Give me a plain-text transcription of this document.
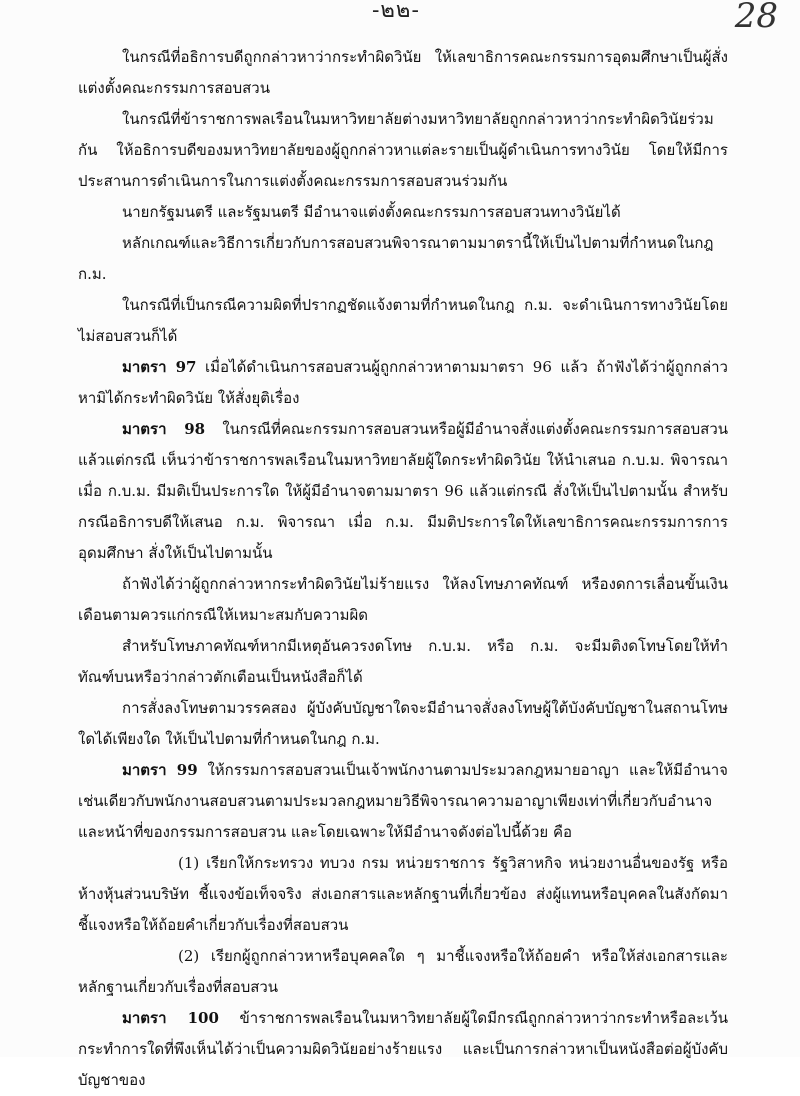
-๒๒-	28

ในกรณีที่อธิการบดีถูกกล่าวหาว่ากระทำผิดวินัย ให้เลขาธิการคณะกรรมการอุดมศึกษาเป็นผู้สั่งแต่งตั้งคณะกรรมการสอบสวน

ในกรณีที่ข้าราชการพลเรือนในมหาวิทยาลัยต่างมหาวิทยาลัยถูกกล่าวหาว่ากระทำผิดวินัยร่วมกัน ให้อธิการบดีของมหาวิทยาลัยของผู้ถูกกล่าวหาแต่ละรายเป็นผู้ดำเนินการทางวินัย โดยให้มีการประสานการดำเนินการในการแต่งตั้งคณะกรรมการสอบสวนร่วมกัน

นายกรัฐมนตรี และรัฐมนตรี มีอำนาจแต่งตั้งคณะกรรมการสอบสวนทางวินัยได้

หลักเกณฑ์และวิธีการเกี่ยวกับการสอบสวนพิจารณาตามมาตรานี้ให้เป็นไปตามที่กำหนดในกฎ ก.ม.

ในกรณีที่เป็นกรณีความผิดที่ปรากฏชัดแจ้งตามที่กำหนดในกฎ ก.ม. จะดำเนินการทางวินัยโดยไม่สอบสวนก็ได้

มาตรา 97 เมื่อได้ดำเนินการสอบสวนผู้ถูกกล่าวหาตามมาตรา 96 แล้ว ถ้าฟังได้ว่าผู้ถูกกล่าวหามิได้กระทำผิดวินัย ให้สั่งยุติเรื่อง

มาตรา 98 ในกรณีที่คณะกรรมการสอบสวนหรือผู้มีอำนาจสั่งแต่งตั้งคณะกรรมการสอบสวนแล้วแต่กรณี เห็นว่าข้าราชการพลเรือนในมหาวิทยาลัยผู้ใดกระทำผิดวินัย ให้นำเสนอ ก.บ.ม. พิจารณา เมื่อ ก.บ.ม. มีมติเป็นประการใด ให้ผู้มีอำนาจตามมาตรา 96 แล้วแต่กรณี สั่งให้เป็นไปตามนั้น สำหรับกรณีอธิการบดีให้เสนอ ก.ม. พิจารณา เมื่อ ก.ม. มีมติประการใดให้เลขาธิการคณะกรรมการการอุดมศึกษา สั่งให้เป็นไปตามนั้น

ถ้าฟังได้ว่าผู้ถูกกล่าวหากระทำผิดวินัยไม่ร้ายแรง ให้ลงโทษภาคทัณฑ์ หรืองดการเลื่อนขั้นเงินเดือนตามควรแก่กรณีให้เหมาะสมกับความผิด

สำหรับโทษภาคทัณฑ์หากมีเหตุอันควรงดโทษ ก.บ.ม. หรือ ก.ม. จะมีมติงดโทษโดยให้ทำทัณฑ์บนหรือว่ากล่าวตักเตือนเป็นหนังสือก็ได้

การสั่งลงโทษตามวรรคสอง ผู้บังคับบัญชาใดจะมีอำนาจสั่งลงโทษผู้ใต้บังคับบัญชาในสถานโทษใดได้เพียงใด ให้เป็นไปตามที่กำหนดในกฎ ก.ม.

มาตรา 99 ให้กรรมการสอบสวนเป็นเจ้าพนักงานตามประมวลกฎหมายอาญา และให้มีอำนาจเช่นเดียวกับพนักงานสอบสวนตามประมวลกฎหมายวิธีพิจารณาความอาญาเพียงเท่าที่เกี่ยวกับอำนาจและหน้าที่ของกรรมการสอบสวน และโดยเฉพาะให้มีอำนาจดังต่อไปนี้ด้วย คือ

(1) เรียกให้กระทรวง ทบวง กรม หน่วยราชการ รัฐวิสาหกิจ หน่วยงานอื่นของรัฐ หรือห้างหุ้นส่วนบริษัท ชี้แจงข้อเท็จจริง ส่งเอกสารและหลักฐานที่เกี่ยวข้อง ส่งผู้แทนหรือบุคคลในสังกัดมาชี้แจงหรือให้ถ้อยคำเกี่ยวกับเรื่องที่สอบสวน

(2) เรียกผู้ถูกกล่าวหาหรือบุคคลใด ๆ มาชี้แจงหรือให้ถ้อยคำ หรือให้ส่งเอกสารและหลักฐานเกี่ยวกับเรื่องที่สอบสวน

มาตรา 100 ข้าราชการพลเรือนในมหาวิทยาลัยผู้ใดมีกรณีถูกกล่าวหาว่ากระทำหรือละเว้นกระทำการใดที่พึงเห็นได้ว่าเป็นความผิดวินัยอย่างร้ายแรง และเป็นการกล่าวหาเป็นหนังสือต่อผู้บังคับบัญชาของ
